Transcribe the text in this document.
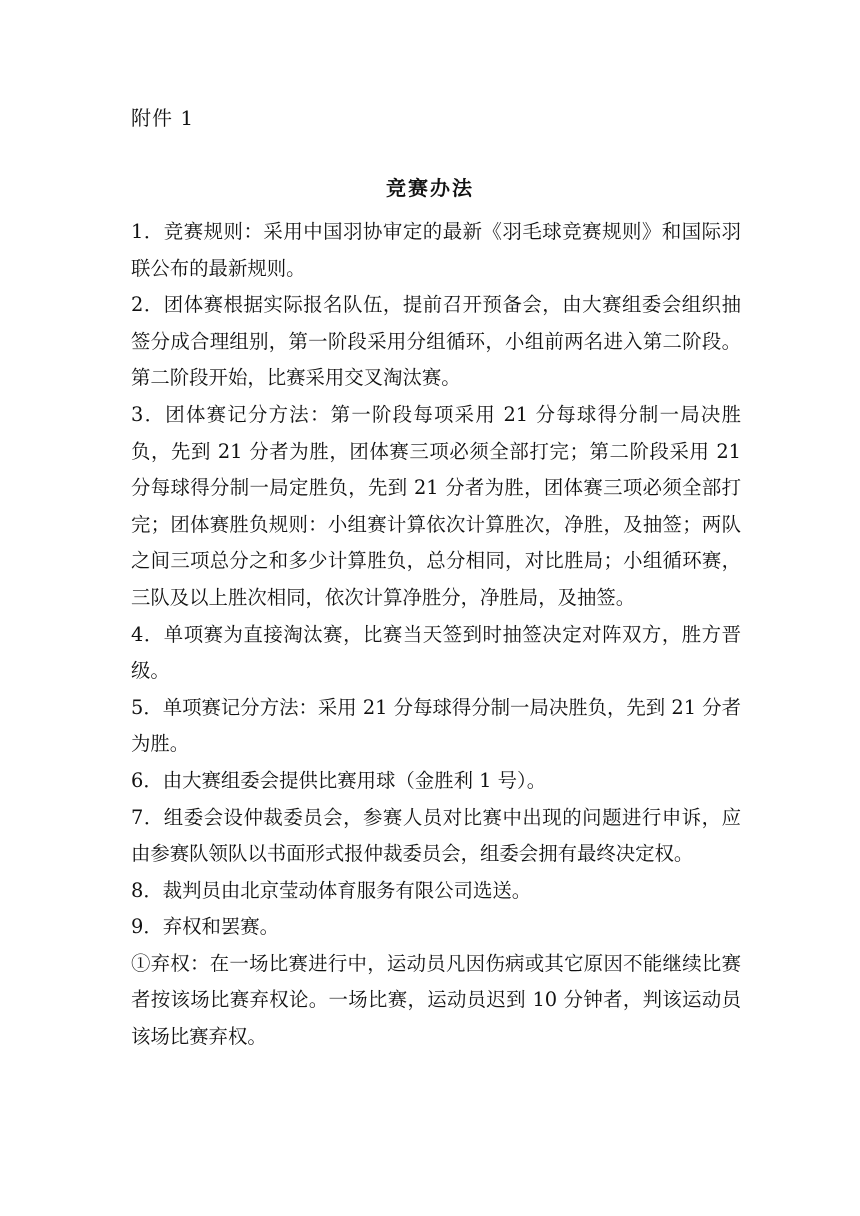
附件 1
竞赛办法

1．竞赛规则：采用中国羽协审定的最新《羽毛球竞赛规则》和国际羽联公布的最新规则。

2．团体赛根据实际报名队伍，提前召开预备会，由大赛组委会组织抽签分成合理组别，第一阶段采用分组循环，小组前两名进入第二阶段。第二阶段开始，比赛采用交叉淘汰赛。

3．团体赛记分方法：第一阶段每项采用 21 分每球得分制一局决胜负，先到 21 分者为胜，团体赛三项必须全部打完；第二阶段采用 21 分每球得分制一局定胜负，先到 21 分者为胜，团体赛三项必须全部打完；团体赛胜负规则：小组赛计算依次计算胜次，净胜，及抽签；两队之间三项总分之和多少计算胜负，总分相同，对比胜局；小组循环赛，三队及以上胜次相同，依次计算净胜分，净胜局，及抽签。

4．单项赛为直接淘汰赛，比赛当天签到时抽签决定对阵双方，胜方晋级。

5．单项赛记分方法：采用 21 分每球得分制一局决胜负，先到 21 分者为胜。

6．由大赛组委会提供比赛用球（金胜利 1 号）。

7．组委会设仲裁委员会，参赛人员对比赛中出现的问题进行申诉，应由参赛队领队以书面形式报仲裁委员会，组委会拥有最终决定权。

8．裁判员由北京莹动体育服务有限公司选送。

9．弃权和罢赛。

①弃权：在一场比赛进行中，运动员凡因伤病或其它原因不能继续比赛者按该场比赛弃权论。一场比赛，运动员迟到 10 分钟者，判该运动员该场比赛弃权。
